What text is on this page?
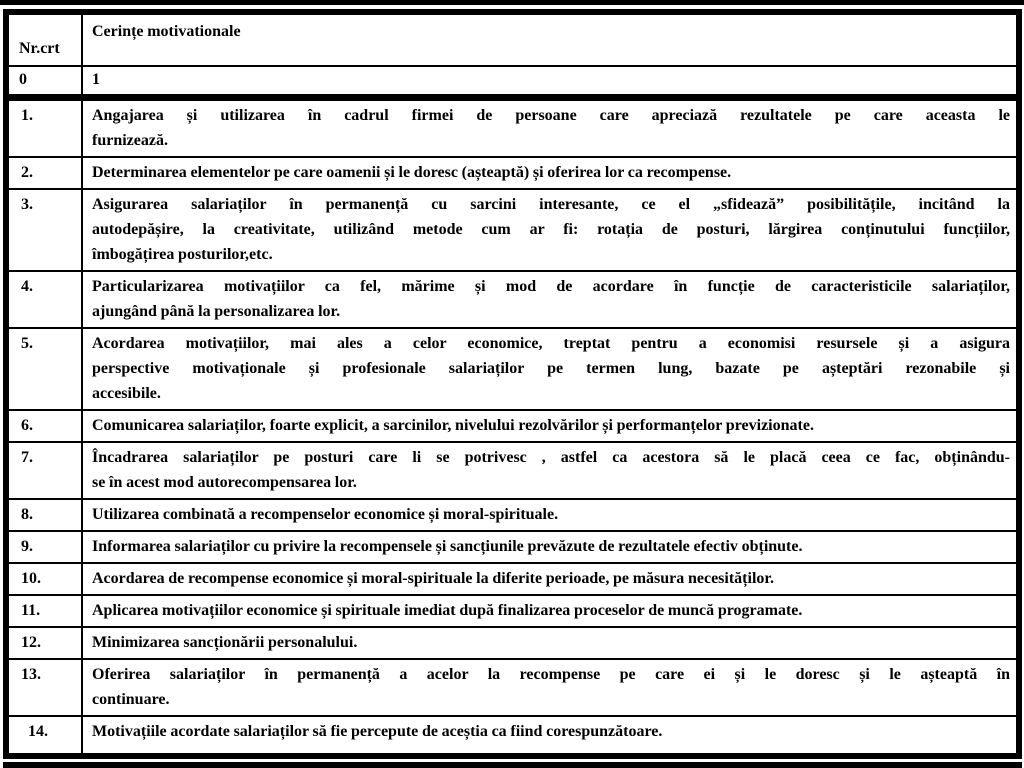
Nr.crt	Cerințe motivationale
0	1
1.	Angajarea și utilizarea în cadrul firmei de persoane care apreciază rezultatele pe care aceasta le
furnizează.

2.	Determinarea elementelor pe care oamenii și le doresc (așteaptă) și oferirea lor ca recompense.

3.	Asigurarea salariaților în permanență cu sarcini interesante, ce el „sfidează” posibilitățile, incitând la
autodepășire, la creativitate, utilizând metode cum ar fi: rotația de posturi, lărgirea conținutului funcțiilor,
îmbogățirea posturilor,etc.

4.	Particularizarea motivațiilor ca fel, mărime și mod de acordare în funcție de caracteristicile salariaților,
ajungând până la personalizarea lor.

5.	Acordarea motivațiilor, mai ales a celor economice, treptat pentru a economisi resursele și a asigura
perspective motivaționale și profesionale salariaților pe termen lung, bazate pe așteptări rezonabile și
accesibile.

6.	Comunicarea salariaților, foarte explicit, a sarcinilor, nivelului rezolvărilor și performanțelor previzionate.

7.	Încadrarea salariaților pe posturi care li se potrivesc , astfel ca acestora să le placă ceea ce fac, obținându-
se în acest mod autorecompensarea lor.

8.	Utilizarea combinată a recompenselor economice și moral-spirituale.

9.	Informarea salariaților cu privire la recompensele și sancțiunile prevăzute de rezultatele efectiv obținute.

10.	Acordarea de recompense economice și moral-spirituale la diferite perioade, pe măsura necesităților.

11.	Aplicarea motivațiilor economice și spirituale imediat după finalizarea proceselor de muncă programate.

12.	Minimizarea sancționării personalului.

13.	Oferirea salariaților în permanență a acelor la recompense pe care ei și le doresc și le așteaptă în
continuare.

14.	Motivațiile acordate salariaților să fie percepute de aceștia ca fiind corespunzătoare.
